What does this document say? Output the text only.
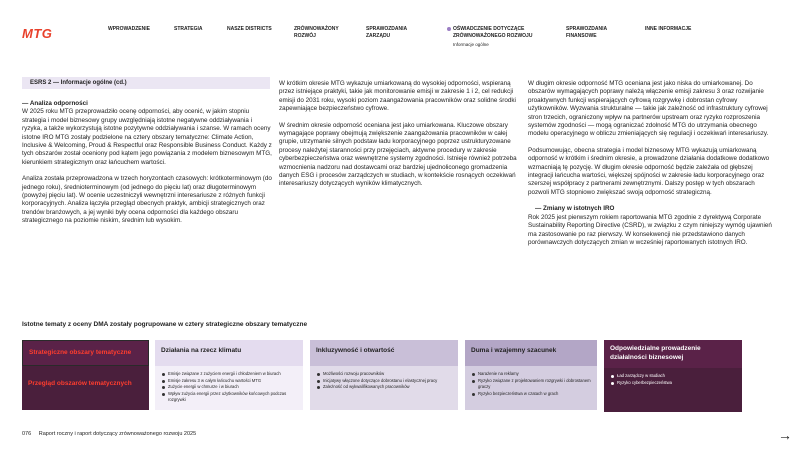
MTG	WPROWADZENIE	STRATEGIA	NASZE DISTRICTS	ZRÓWNOWAŻONY ROZWÓJ
SPRAWOZDANIA ZARZĄDU
OŚWIADCZENIE DOTYCZĄCE ZRÓWNOWAŻONEGO ROZWOJU
Informacje ogólne
SPRAWOZDANIA FINANSOWE
INNE INFORMACJE
ESRS 2 — Informacje ogólne (cd.)
— Analiza odporności

W 2025 roku MTG przeprowadziło ocenę odporności, aby ocenić, w jakim stopniu strategia i model biznesowy grupy uwzględniają istotne negatywne oddziaływania i ryzyka, a także wykorzystują istotne pozytywne oddziaływania i szanse. W ramach oceny istotne IRO MTG zostały podzielone na cztery obszary tematyczne: Climate Action, Inclusive & Welcoming, Proud & Respectful oraz Responsible Business Conduct. Każdy z tych obszarów został oceniony pod kątem jego powiązania z modelem biznesowym MTG, kierunkiem strategicznym oraz łańcuchem wartości.

Analiza została przeprowadzona w trzech horyzontach czasowych: krótkoterminowym (do jednego roku), średnioterminowym (od jednego do pięciu lat) oraz długoterminowym (powyżej pięciu lat). W ocenie uczestniczyli wewnętrzni interesariusze z różnych funkcji korporacyjnych. Analiza łączyła przegląd obecnych praktyk, ambicji strategicznych oraz trendów branżowych, a jej wyniki były ocena odporności dla każdego obszaru strategicznego na poziomie niskim, średnim lub wysokim.

W krótkim okresie MTG wykazuje umiarkowaną do wysokiej odporności, wspieraną przez istniejące praktyki, takie jak monitorowanie emisji w zakresie 1 i 2, cel redukcji emisji do 2031 roku, wysoki poziom zaangażowania pracowników oraz solidne środki zapewniające bezpieczeństwo cyfrowe.

W średnim okresie odporność oceniana jest jako umiarkowana. Kluczowe obszary wymagające poprawy obejmują zwiększenie zaangażowania pracowników w całej grupie, utrzymanie silnych podstaw ładu korporacyjnego poprzez ustrukturyzowane procesy należytej staranności przy przejęciach, aktywne procedury w zakresie cyberbezpieczeństwa oraz wewnętrzne systemy zgodności. Istnieje również potrzeba wzmocnienia nadzoru nad dostawcami oraz bardziej ujednoliconego gromadzenia danych ESG i procesów zarządczych w studiach, w kontekście rosnących oczekiwań interesariuszy dotyczących wyników klimatycznych.

W długim okresie odporność MTG oceniana jest jako niska do umiarkowanej. Do obszarów wymagających poprawy należą włączenie emisji zakresu 3 oraz rozwijanie proaktywnych funkcji wspierających cyfrową rozgrywkę i dobrostan cyfrowy użytkowników. Wyzwania strukturalne — takie jak zależność od infrastruktury cyfrowej stron trzecich, ograniczony wpływ na partnerów upstream oraz ryzyko rozproszenia systemów zgodności — mogą ograniczać zdolność MTG do utrzymania obecnego modelu operacyjnego w obliczu zmieniających się regulacji i oczekiwań interesariuszy.

Podsumowując, obecna strategia i model biznesowy MTG wykazują umiarkowaną odporność w krótkim i średnim okresie, a prowadzone działania dodatkowe dodatkowo wzmacniają tę pozycję. W długim okresie odporność będzie zależała od głębszej integracji łańcucha wartości, większej spójności w zakresie ładu korporacyjnego oraz szerszej współpracy z partnerami zewnętrznymi. Dalszy postęp w tych obszarach pozwoli MTG stopniowo zwiększać swoją odporność strategiczną.

— Zmiany w istotnych IRO

Rok 2025 jest pierwszym rokiem raportowania MTG zgodnie z dyrektywą Corporate Sustainability Reporting Directive (CSRD), w związku z czym niniejszy wymóg ujawnień ma zastosowanie po raz pierwszy. W konsekwencji nie przedstawiono danych porównawczych dotyczących zmian w wcześniej raportowanych istotnych IRO.

Istotne tematy z oceny DMA zostały pogrupowane w cztery strategiczne obszary tematyczne
Strategiczne obszary tematyczne
Przegląd obszarów tematycznych
Działania na rzecz klimatu
Emisje związane z zużyciem energii i chłodzeniem w biurach
Emisje zakresu 3 w całym łańcuchu wartości MTG
Zużycie energii w chmurze i w biurach
Wpływ zużycia energii przez użytkowników końcowych podczas rozgrywki
Inkluzywność i otwartość
Możliwości rozwoju pracowników
Inicjatywy włączone dotyczące dobrostanu i elastycznej pracy
Zależność od wykwalifikowanych pracowników
Duma i wzajemny szacunek
Narażenie na reklamy
Ryzyko związane z projektowaniem rozgrywki i dobrostanem graczy
Ryzyko bezpieczeństwa w czatach w grach
Odpowiedzialne prowadzenie działalności biznesowej
Ład zarządczy w studiach
Ryzyko cyberbezpieczeństwa
076 Raport roczny i raport dotyczący zrównoważonego rozwoju 2025	→
